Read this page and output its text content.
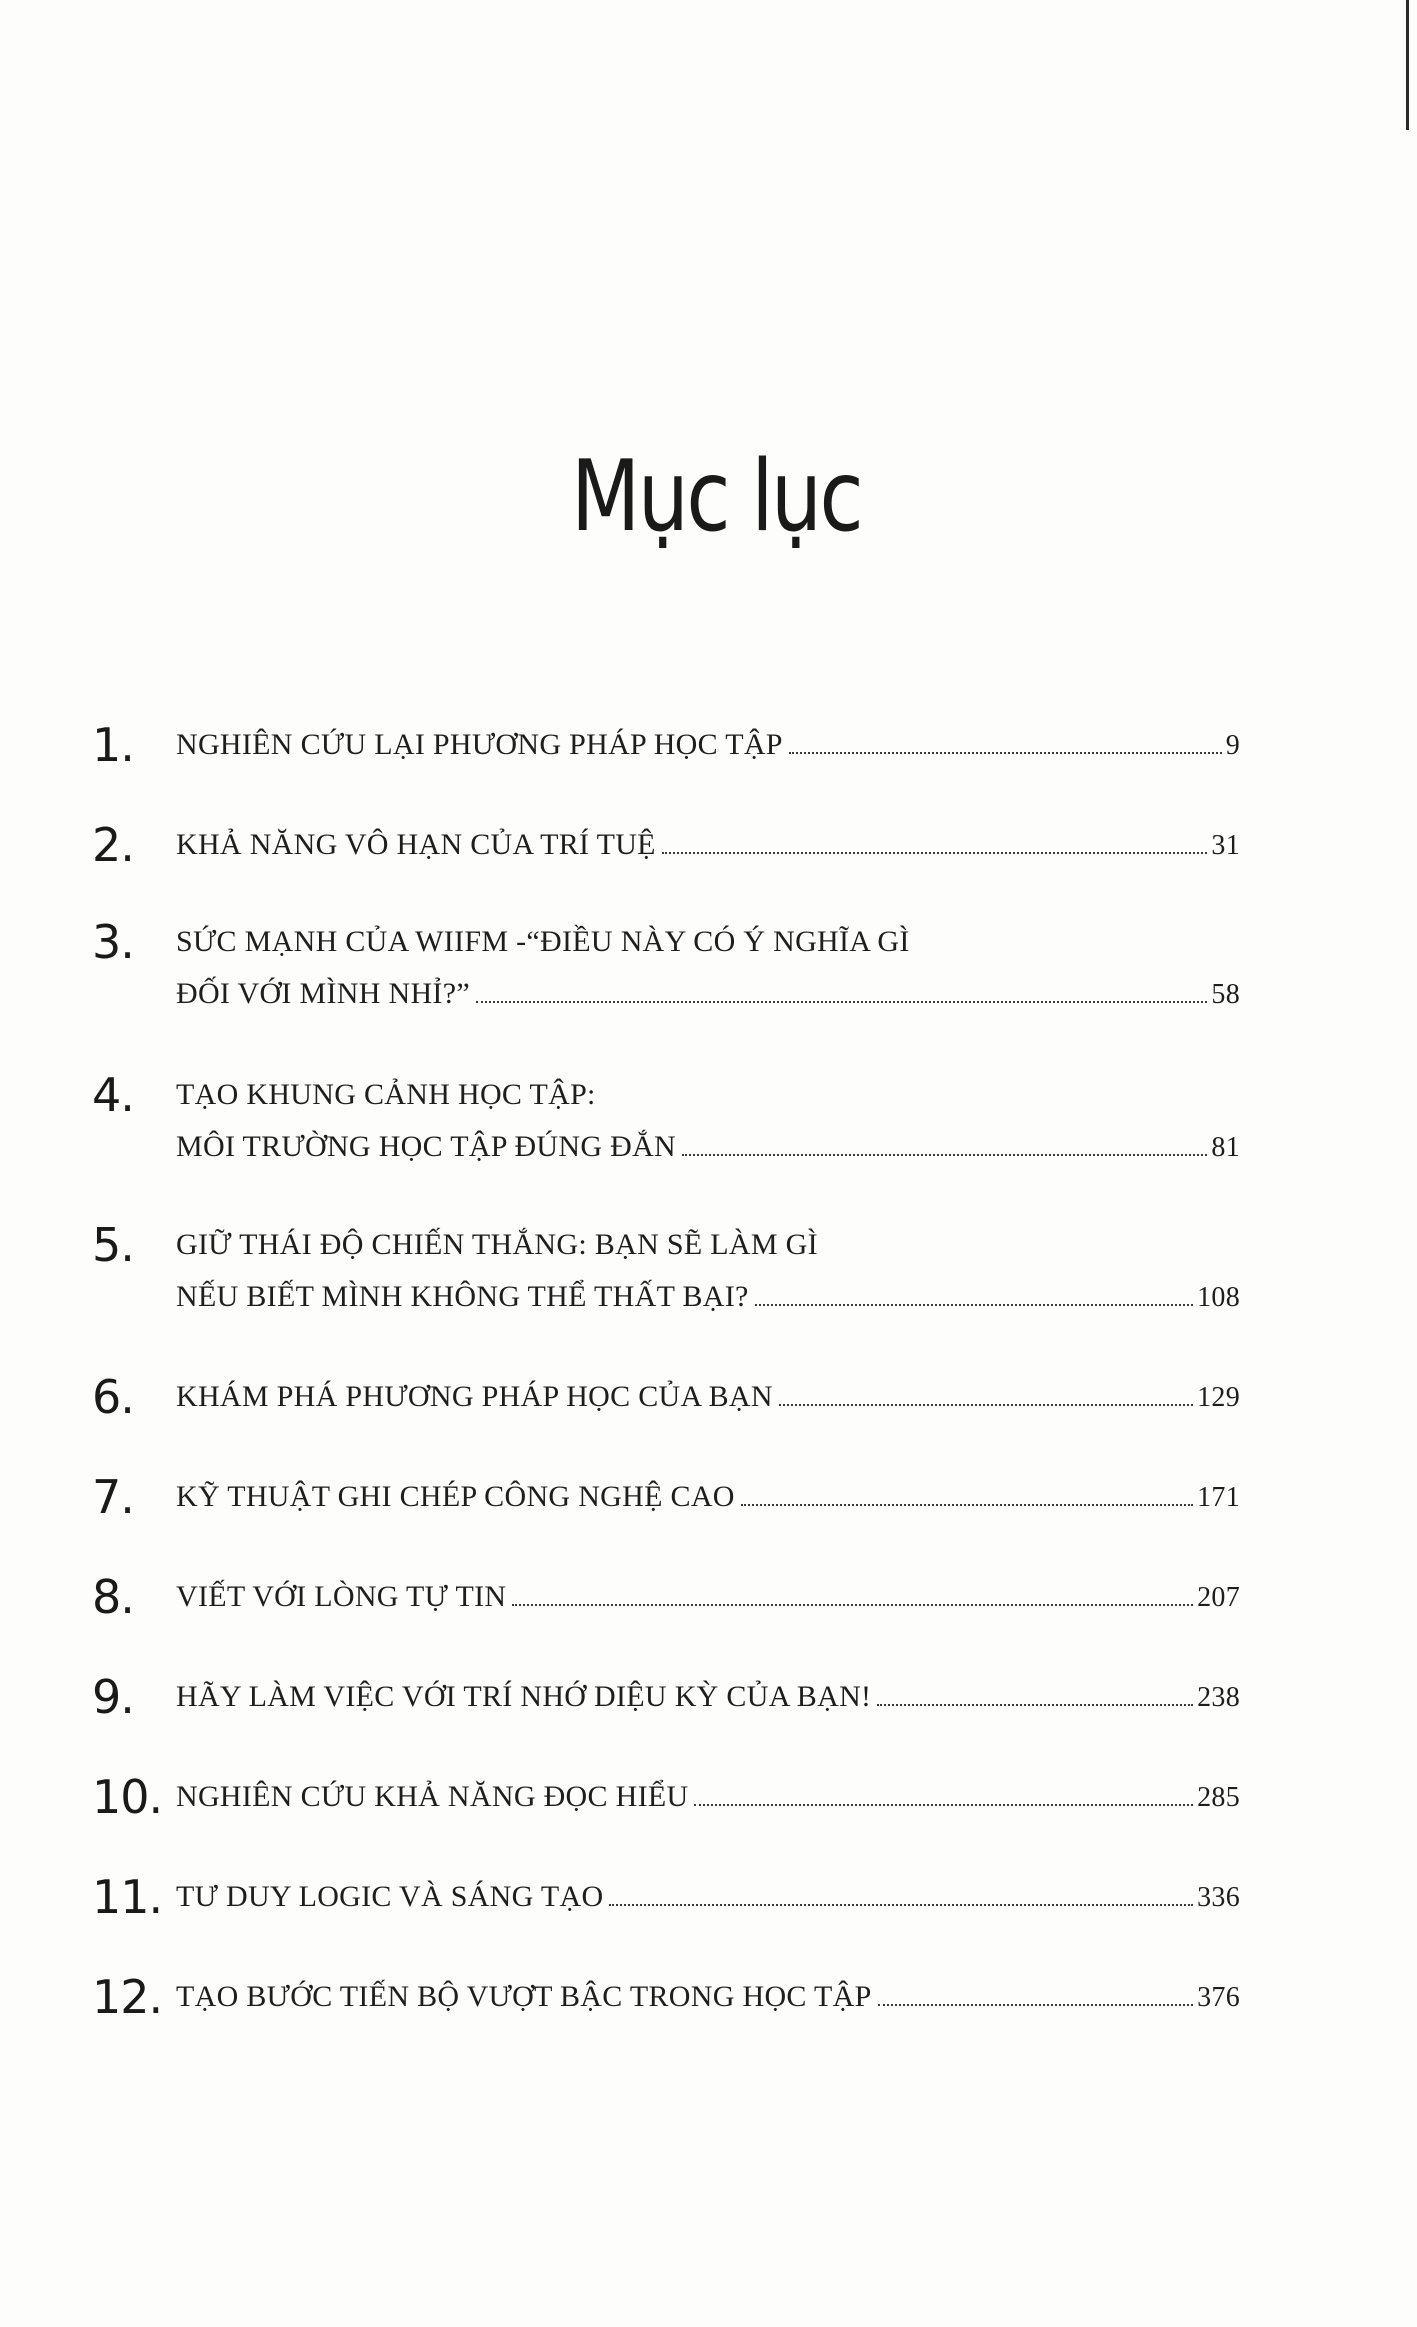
Mục lục
1. NGHIÊN CỨU LẠI PHƯƠNG PHÁP HỌC TẬP	9
2. KHẢ NĂNG VÔ HẠN CỦA TRÍ TUỆ	31
3. SỨC MẠNH CỦA WIIFM -“ĐIỀU NÀY CÓ Ý NGHĨA GÌ
ĐỐI VỚI MÌNH NHỈ?”	58
4. TẠO KHUNG CẢNH HỌC TẬP:
MÔI TRƯỜNG HỌC TẬP ĐÚNG ĐẮN	81
5. GIỮ THÁI ĐỘ CHIẾN THẮNG: BẠN SẼ LÀM GÌ
NẾU BIẾT MÌNH KHÔNG THỂ THẤT BẠI?	108
6. KHÁM PHÁ PHƯƠNG PHÁP HỌC CỦA BẠN	129
7. KỸ THUẬT GHI CHÉP CÔNG NGHỆ CAO	171
8. VIẾT VỚI LÒNG TỰ TIN	207
9. HÃY LÀM VIỆC VỚI TRÍ NHỚ DIỆU KỲ CỦA BẠN!	238
10. NGHIÊN CỨU KHẢ NĂNG ĐỌC HIỂU	285
11. TƯ DUY LOGIC VÀ SÁNG TẠO	336
12. TẠO BƯỚC TIẾN BỘ VƯỢT BẬC TRONG HỌC TẬP	376
